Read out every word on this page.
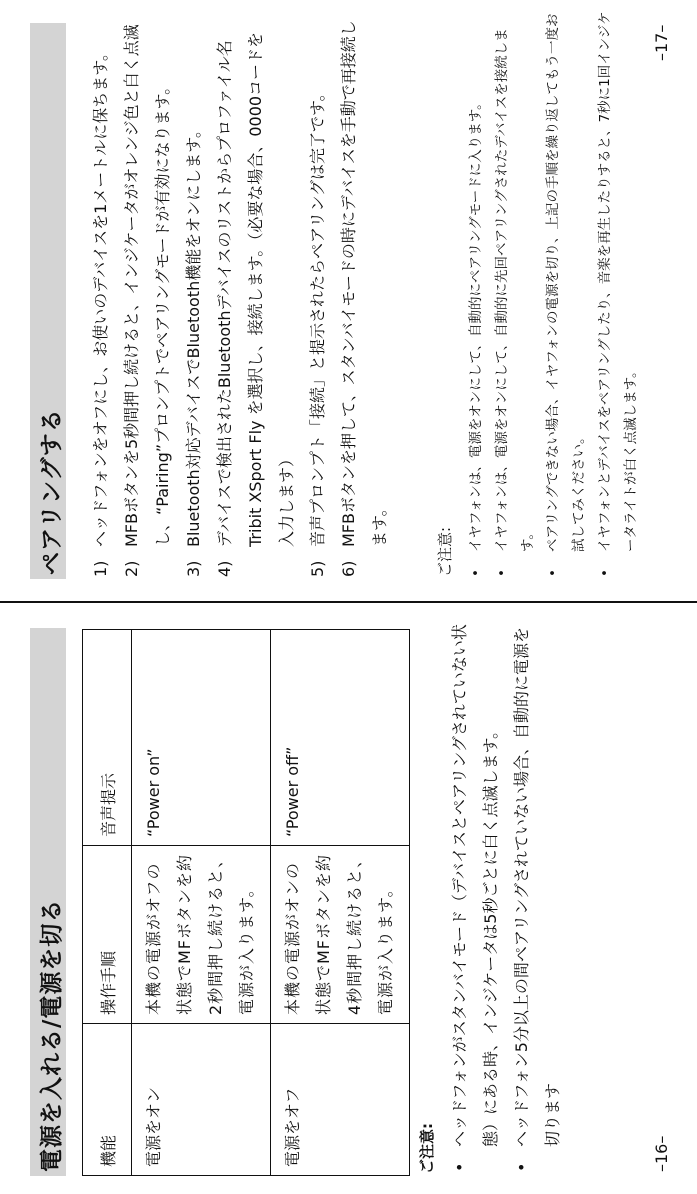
電源を入れる/電源を切る 機能	操作手順	音声提示
電源をオン	本機の電源がオフの状態でMFボタンを約2秒間押し続けると、電源が入ります。	“Power on”
電源をオフ	本機の電源がオンの状態でMFボタンを約4秒間押し続けると、電源が入ります。	“Power off”
ご注意: •
ヘッドフォンがスタンバイモード（デバイスとペアリングされていない状態）にある時、インジケータは5秒ごとに白く点滅します。
•
ヘッドフォン5分以上の間ペアリングされていない場合、自動的に電源を切ります
–16–
ペアリングする	1)
ヘッドフォンをオフにし、お使いのデバイスを1メートルに保ちます。
2)
MFBボタンを5秒間押し続けると、インジケータがオレンジ色と白く点滅し、“Pairing”プロンプトでペアリングモードが有効になります。
3)
Bluetooth対応デバイスでBluetooth機能をオンにします。
4)
デバイスで検出されたBluetoothデバイスのリストからプロファイル名 Tribit XSport Fly を選択し、接続します。（必要な場合、0000コードを入力します）
5)
音声プロンプト「接続」と提示されたらペアリングは完了です。
6)
MFBボタンを押して、スタンバイモードの時にデバイスを手動で再接続します。
ご注意: •
イヤフォンは、電源をオンにして、自動的にペアリングモードに入ります。
•
イヤフォンは、電源をオンにして、自動的に先回ペアリングされたデバイスを接続します。
•
ペアリングできない場合、イヤフォンの電源を切り、上記の手順を繰り返してもう一度お試してみください。
•
イヤフォンとデバイスをペアリングしたり、音楽を再生したりすると、7秒に1回インジケータライトが白く点滅します。
–17–
